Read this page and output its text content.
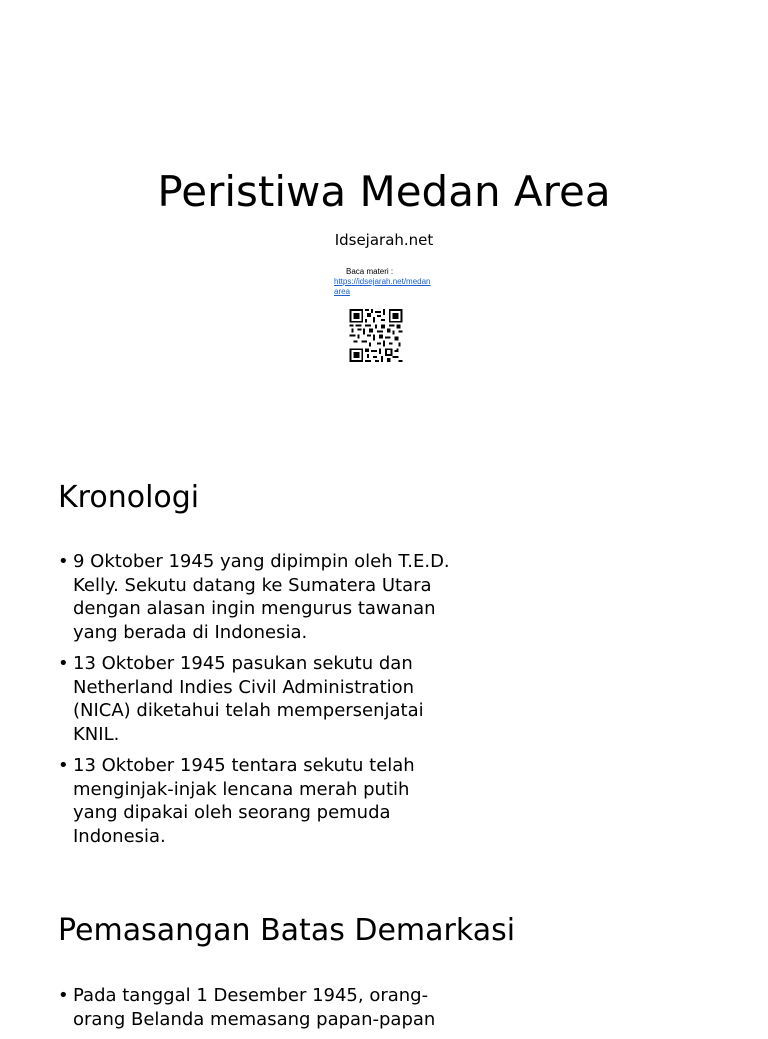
Peristiwa Medan Area
Idsejarah.net
Baca materi :
https://idsejarah.net/medanarea
Kronologi
• 9 Oktober 1945 yang dipimpin oleh T.E.D. Kelly. Sekutu datang ke Sumatera Utara dengan alasan ingin mengurus tawanan yang berada di Indonesia.
• 13 Oktober 1945 pasukan sekutu dan Netherland Indies Civil Administration (NICA) diketahui telah mempersenjatai KNIL.
• 13 Oktober 1945 tentara sekutu telah menginjak-injak lencana merah putih yang dipakai oleh seorang pemuda Indonesia.
Pemasangan Batas Demarkasi
• Pada tanggal 1 Desember 1945, orang-orang Belanda memasang papan-papan
